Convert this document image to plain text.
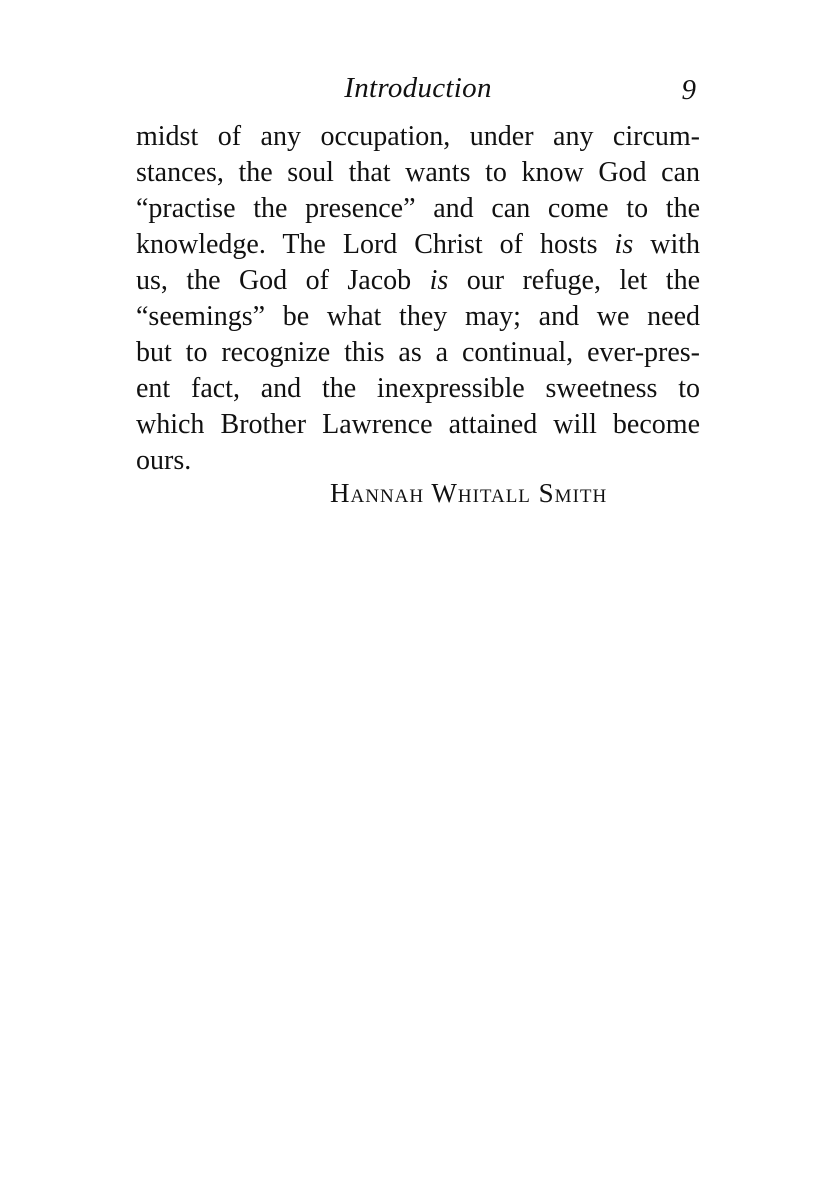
Introduction	9
midst of any occupation, under any circum-
stances, the soul that wants to know God can
“practise the presence” and can come to the
knowledge. The Lord Christ of hosts is with
us, the God of Jacob is our refuge, let the
“seemings” be what they may; and we need
but to recognize this as a continual, ever-pres-
ent fact, and the inexpressible sweetness to
which Brother Lawrence attained will become
ours.
Hannah Whitall Smith
